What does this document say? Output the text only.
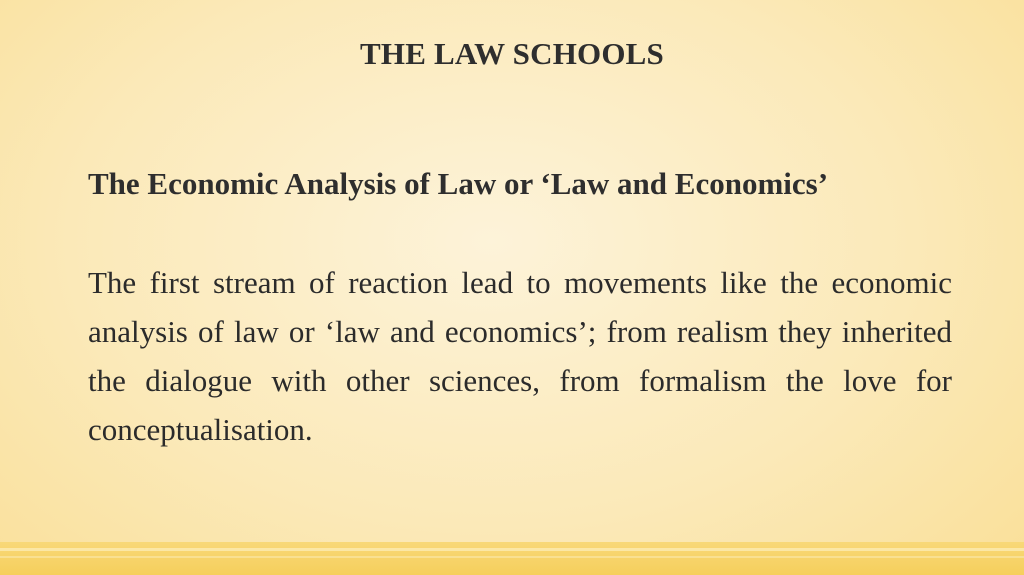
THE LAW SCHOOLS
The Economic Analysis of Law or ‘Law and Economics’
The first stream of reaction lead to movements like the economic analysis of law or ‘law and economics’; from realism they inherited the dialogue with other sciences, from formalism the love for conceptualisation.
